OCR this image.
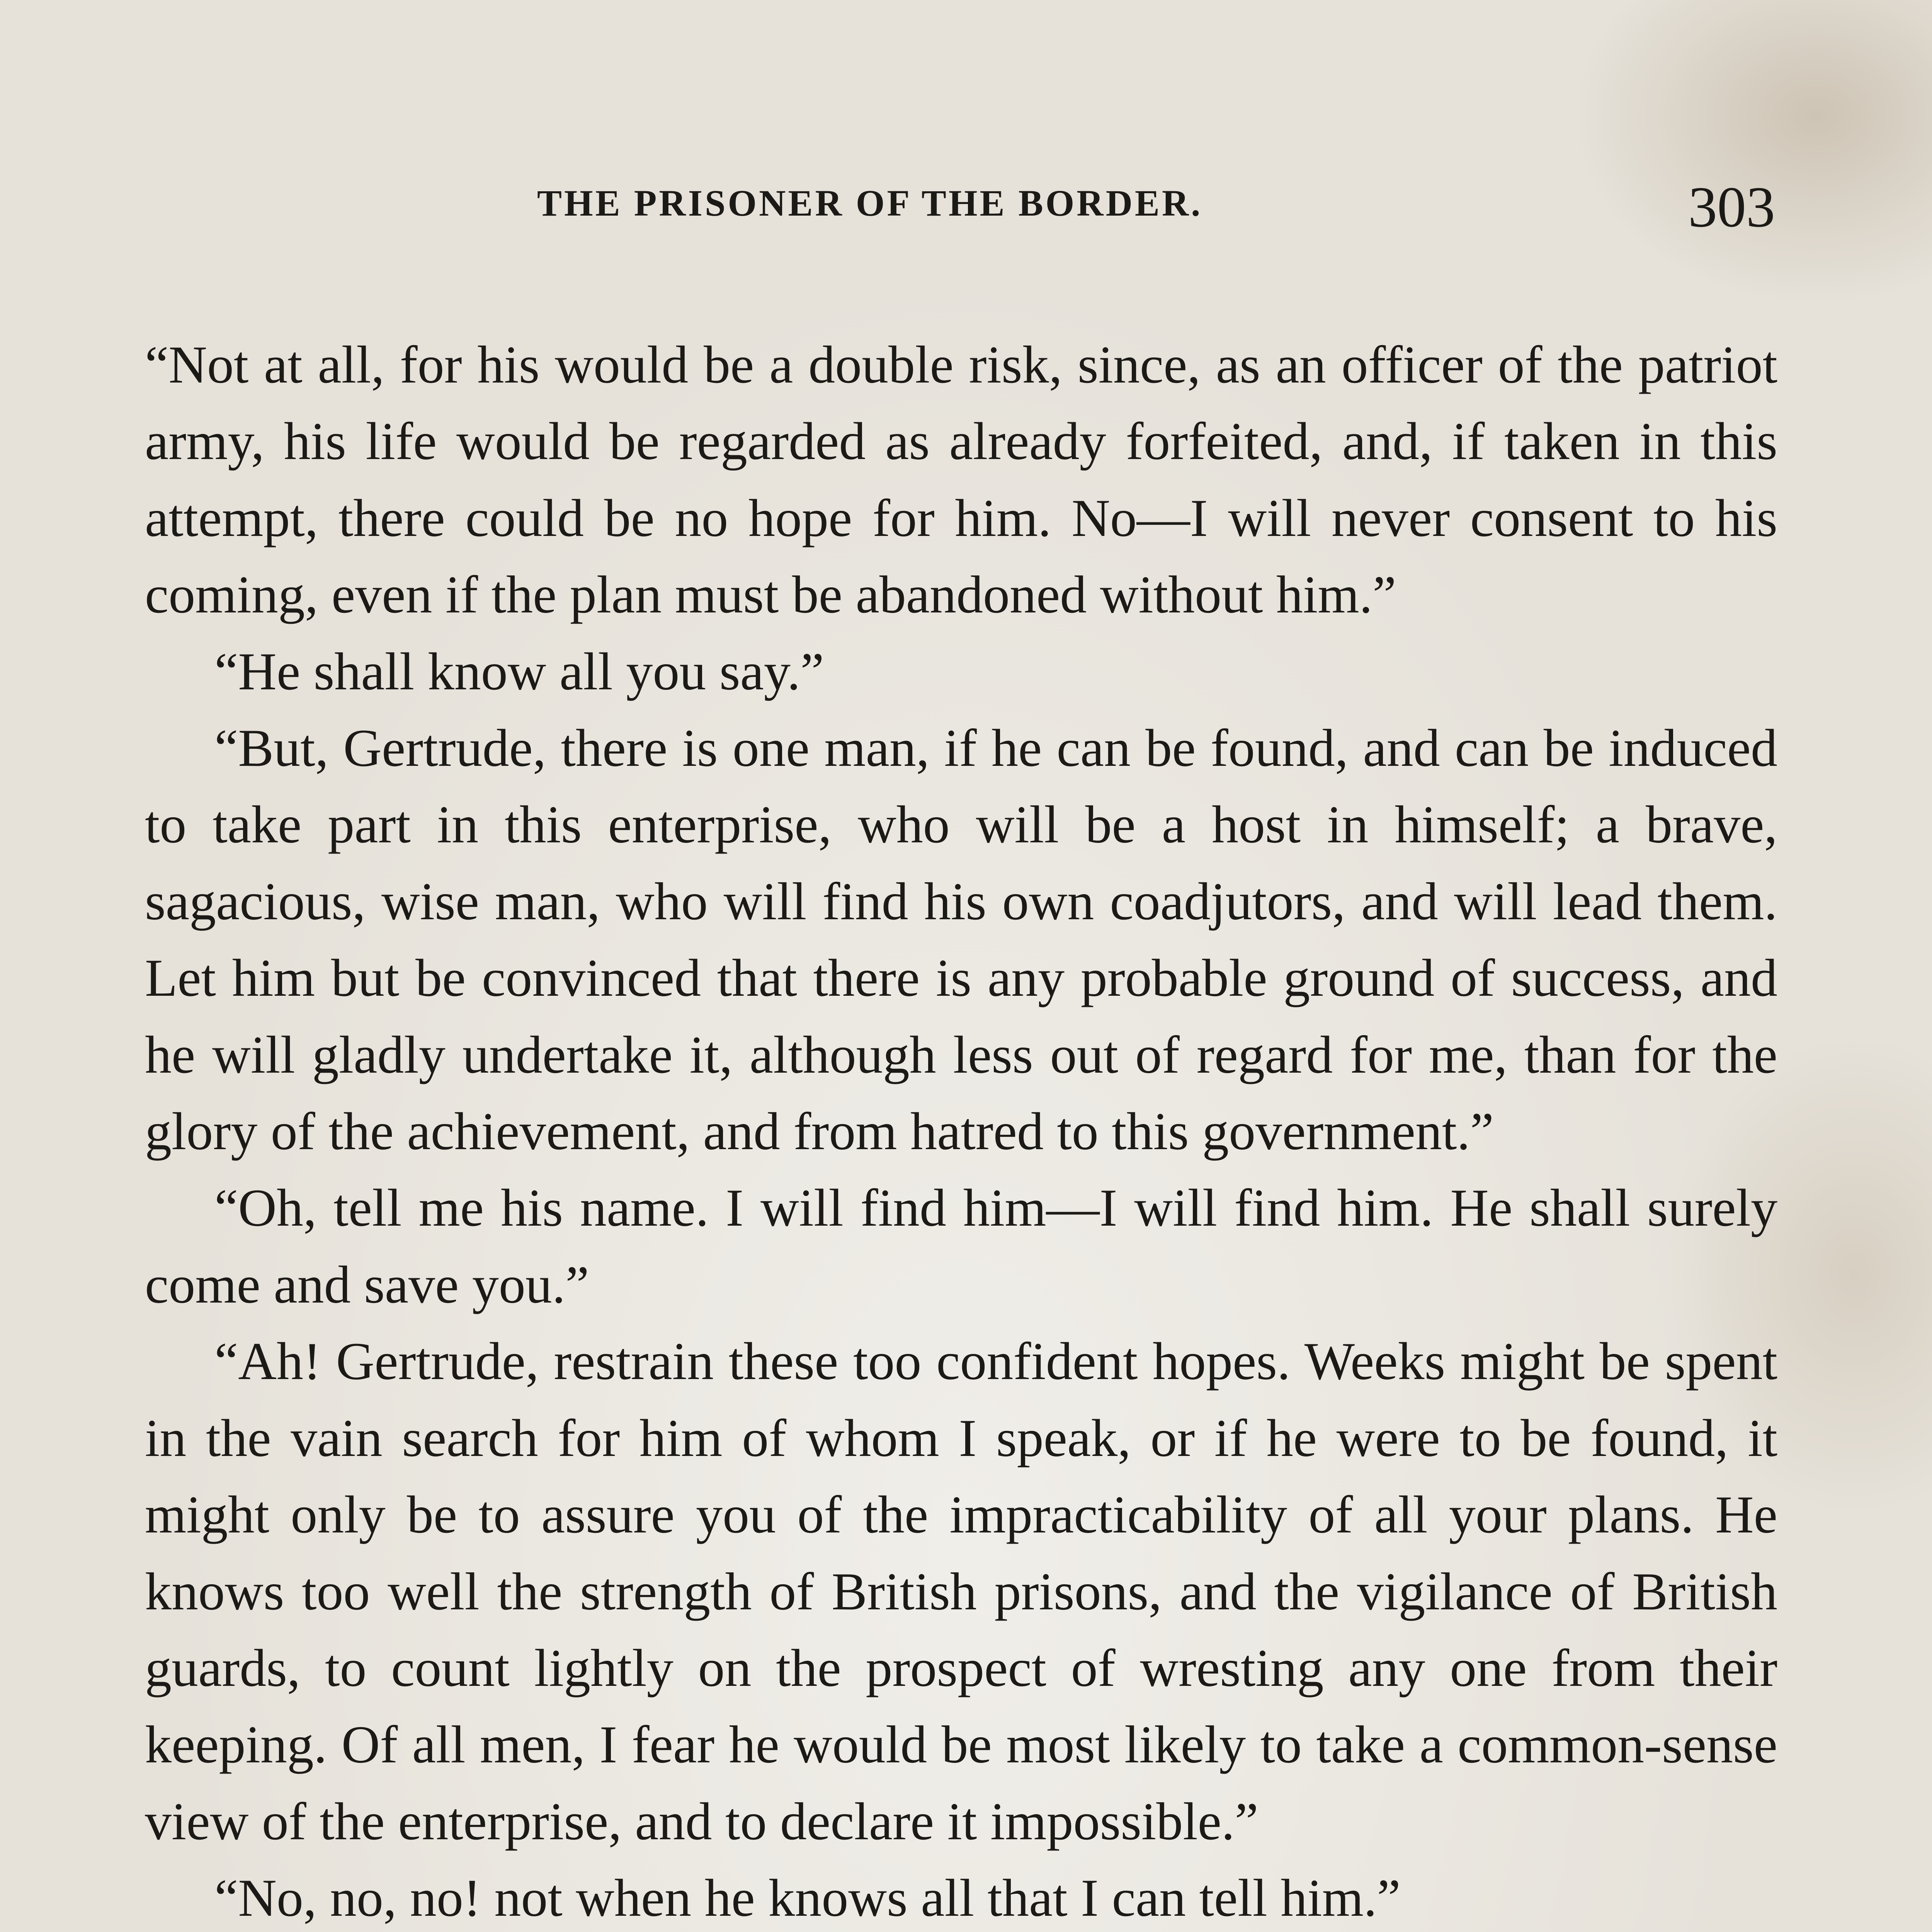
THE PRISONER OF THE BORDER.	303

“Not at all, for his would be a double risk, since, as an officer of the patriot army, his life would be regarded as already forfeited, and, if taken in this attempt, there could be no hope for him. No—I will never consent to his coming, even if the plan must be abandoned without him.”

“He shall know all you say.”

“But, Gertrude, there is one man, if he can be found, and can be induced to take part in this enterprise, who will be a host in himself; a brave, sagacious, wise man, who will find his own coadjutors, and will lead them. Let him but be convinced that there is any probable ground of success, and he will gladly undertake it, although less out of regard for me, than for the glory of the achievement, and from hatred to this government.”

“Oh, tell me his name. I will find him—I will find him. He shall surely come and save you.”

“Ah! Gertrude, restrain these too confident hopes. Weeks might be spent in the vain search for him of whom I speak, or if he were to be found, it might only be to assure you of the impracticability of all your plans. He knows too well the strength of British prisons, and the vigilance of British guards, to count lightly on the prospect of wresting any one from their keeping. Of all men, I fear he would be most likely to take a common-sense view of the enterprise, and to declare it impossible.”

“No, no, no! not when he knows all that I can tell him.”
